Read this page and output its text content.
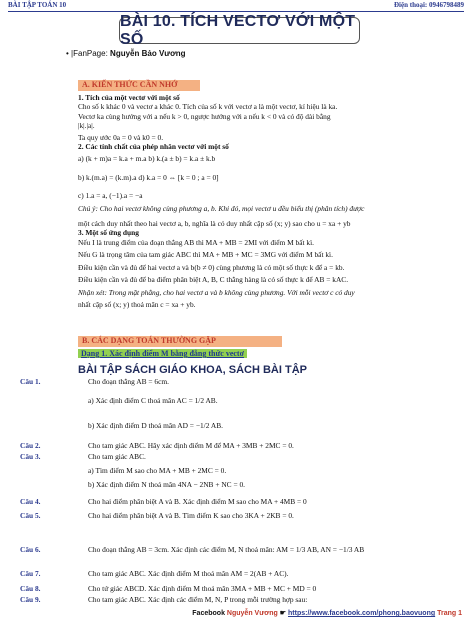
BÀI TẬP TOÁN 10	Điện thoại: 0946798489
BÀI 10. TÍCH VECTƠ VỚI MỘT SỐ
• |FanPage: Nguyễn Bảo Vương
A. KIẾN THỨC CẦN NHỚ
1. Tích của một vectơ với một số
Cho số k khác 0 và vectơ a khác 0. Tích của số k với vectơ a là một vectơ, kí hiệu là ka.
Vectơ ka cùng hướng với a nếu k > 0, ngược hướng với a nếu k < 0 và có độ dài bằng
|k|.|a|.
Ta quy ước 0a = 0 và k0 = 0.
2. Các tính chất của phép nhân vectơ với một số
a) (k + m)a = k.a + m.a b) k.(a ± b) = k.a ± k.b
b) k.(m.a) = (k.m).a d) k.a = 0 ⇔ [k = 0 ; a = 0]
c) 1.a = a, (−1).a = −a
Chú ý: Cho hai vectơ không cùng phương a, b. Khi đó, mọi vectơ u đều biểu thị (phân tích) được
một cách duy nhất theo hai vectơ a, b, nghĩa là có duy nhất cặp số (x; y) sao cho u = xa + yb
3. Một số ứng dụng
Nếu I là trung điểm của đoạn thẳng AB thì MA + MB = 2MI với điểm M bất kì.
Nếu G là trọng tâm của tam giác ABC thì MA + MB + MC = 3MG với điểm M bất kì.
Điều kiện cần và đủ để hai vectơ a và b(b ≠ 0) cùng phương là có một số thực k để a = kb.
Điều kiện cần và đủ để ba điểm phân biệt A, B, C thẳng hàng là có số thực k để AB = kAC.
Nhận xét: Trong mặt phẳng, cho hai vectơ a và b không cùng phương. Với mỗi vectơ c có duy
nhất cặp số (x; y) thoả mãn c = xa + yb.
B. CÁC DẠNG TOÁN THƯỜNG GẶP
Dạng 1. Xác định điểm M bằng đẳng thức vectơ
BÀI TẬP SÁCH GIÁO KHOA, SÁCH BÀI TẬP
Câu 1.	Cho đoạn thẳng AB = 6cm.
a) Xác định điểm C thoả mãn AC = 1/2 AB.
b) Xác định điểm D thoả mãn AD = −1/2 AB.
Câu 2.	Cho tam giác ABC. Hãy xác định điểm M để MA + 3MB + 2MC = 0.
Câu 3.	Cho tam giác ABC.
a) Tìm điểm M sao cho MA + MB + 2MC = 0.
b) Xác định điểm N thoả mãn 4NA − 2NB + NC = 0.
Câu 4.	Cho hai điểm phân biệt A và B. Xác định điểm M sao cho MA + 4MB = 0
Câu 5.	Cho hai điểm phân biệt A và B. Tìm điểm K sao cho 3KA + 2KB = 0.
Câu 6.	Cho đoạn thẳng AB = 3cm. Xác định các điểm M, N thoả mãn: AM = 1/3 AB, AN = −1/3 AB
Câu 7.	Cho tam giác ABC. Xác định điểm M thoả mãn AM = 2(AB + AC).
Câu 8.	Cho tứ giác ABCD. Xác định điểm M thoả mãn 3MA + MB + MC + MD = 0
Câu 9.	Cho tam giác ABC. Xác định các điểm M, N, P trong mỗi trường hợp sau:
Facebook Nguyễn Vương ☛ https://www.facebook.com/phong.baovuong Trang 1
